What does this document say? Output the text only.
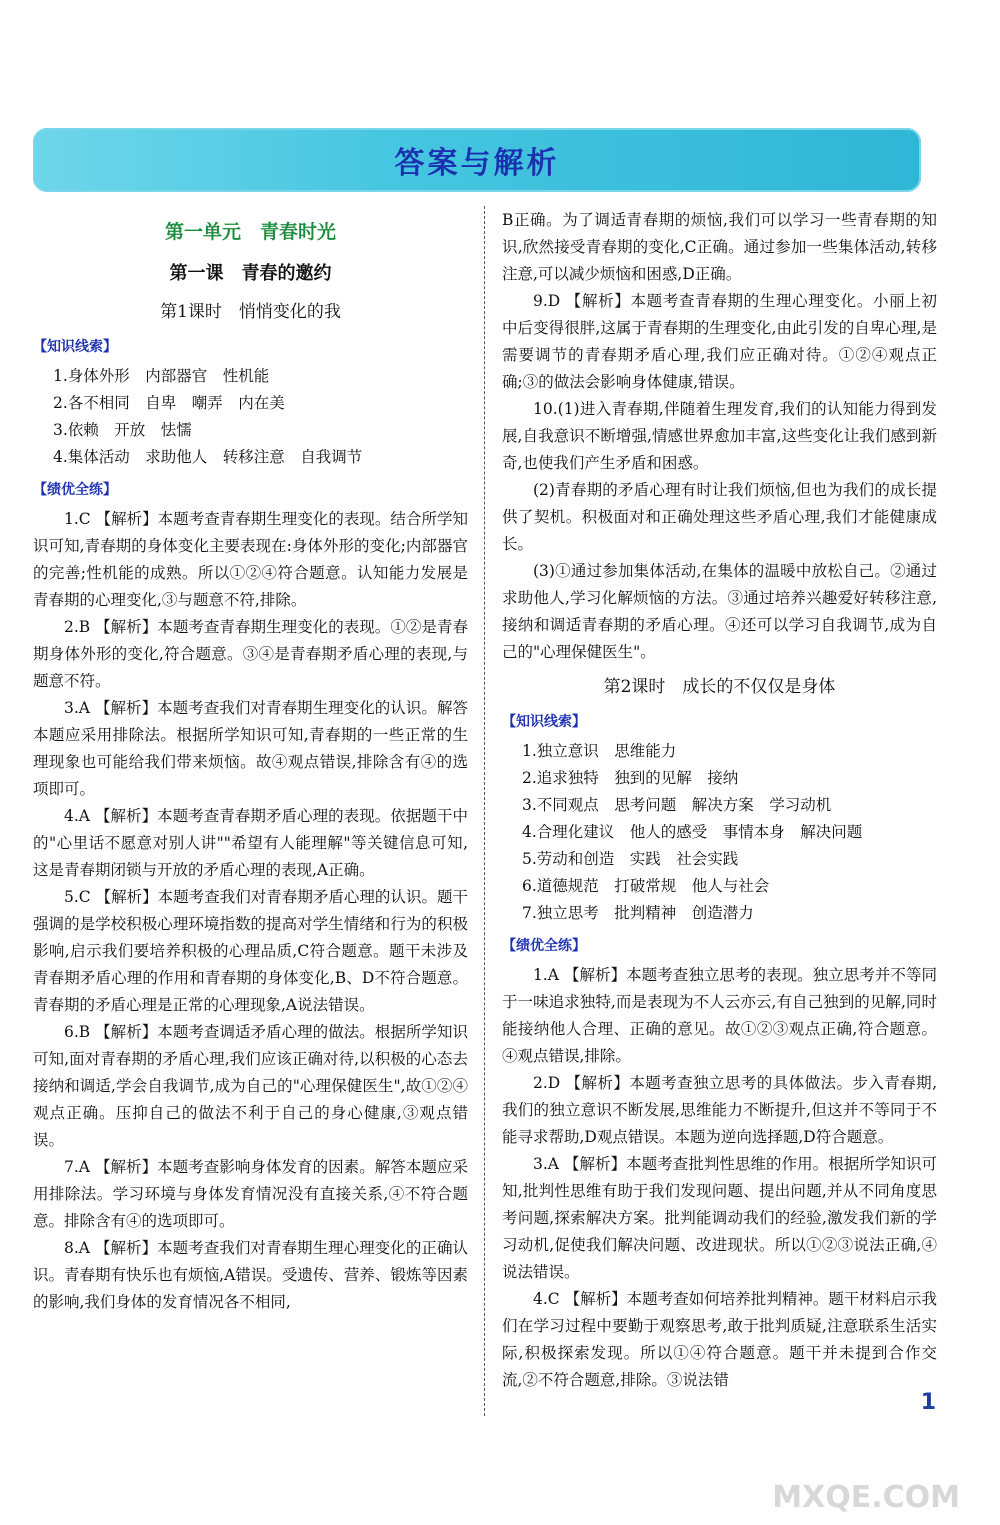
答案与解析
第一单元　青春时光
第一课　青春的邀约
第1课时　悄悄变化的我
【知识线索】
1.身体外形　内部器官　性机能
2.各不相同　自卑　嘲弄　内在美
3.依赖　开放　怯懦
4.集体活动　求助他人　转移注意　自我调节
【绩优全练】

1.C 【解析】本题考查青春期生理变化的表现。结合所学知识可知,青春期的身体变化主要表现在:身体外形的变化;内部器官的完善;性机能的成熟。所以①②④符合题意。认知能力发展是青春期的心理变化,③与题意不符,排除。

2.B 【解析】本题考查青春期生理变化的表现。①②是青春期身体外形的变化,符合题意。③④是青春期矛盾心理的表现,与题意不符。

3.A 【解析】本题考查我们对青春期生理变化的认识。解答本题应采用排除法。根据所学知识可知,青春期的一些正常的生理现象也可能给我们带来烦恼。故④观点错误,排除含有④的选项即可。

4.A 【解析】本题考查青春期矛盾心理的表现。依据题干中的"心里话不愿意对别人讲""希望有人能理解"等关键信息可知,这是青春期闭锁与开放的矛盾心理的表现,A正确。

5.C 【解析】本题考查我们对青春期矛盾心理的认识。题干强调的是学校积极心理环境指数的提高对学生情绪和行为的积极影响,启示我们要培养积极的心理品质,C符合题意。题干未涉及青春期矛盾心理的作用和青春期的身体变化,B、D不符合题意。青春期的矛盾心理是正常的心理现象,A说法错误。

6.B 【解析】本题考查调适矛盾心理的做法。根据所学知识可知,面对青春期的矛盾心理,我们应该正确对待,以积极的心态去接纳和调适,学会自我调节,成为自己的"心理保健医生",故①②④观点正确。压抑自己的做法不利于自己的身心健康,③观点错误。

7.A 【解析】本题考查影响身体发育的因素。解答本题应采用排除法。学习环境与身体发育情况没有直接关系,④不符合题意。排除含有④的选项即可。

8.A 【解析】本题考查我们对青春期生理心理变化的正确认识。青春期有快乐也有烦恼,A错误。受遗传、营养、锻炼等因素的影响,我们身体的发育情况各不相同,

B正确。为了调适青春期的烦恼,我们可以学习一些青春期的知识,欣然接受青春期的变化,C正确。通过参加一些集体活动,转移注意,可以减少烦恼和困惑,D正确。

9.D 【解析】本题考查青春期的生理心理变化。小丽上初中后变得很胖,这属于青春期的生理变化,由此引发的自卑心理,是需要调节的青春期矛盾心理,我们应正确对待。①②④观点正确;③的做法会影响身体健康,错误。

10.(1)进入青春期,伴随着生理发育,我们的认知能力得到发展,自我意识不断增强,情感世界愈加丰富,这些变化让我们感到新奇,也使我们产生矛盾和困惑。

(2)青春期的矛盾心理有时让我们烦恼,但也为我们的成长提供了契机。积极面对和正确处理这些矛盾心理,我们才能健康成长。

(3)①通过参加集体活动,在集体的温暖中放松自己。②通过求助他人,学习化解烦恼的方法。③通过培养兴趣爱好转移注意,接纳和调适青春期的矛盾心理。④还可以学习自我调节,成为自己的"心理保健医生"。

第2课时　成长的不仅仅是身体
【知识线索】
1.独立意识　思维能力
2.追求独特　独到的见解　接纳
3.不同观点　思考问题　解决方案　学习动机
4.合理化建议　他人的感受　事情本身　解决问题
5.劳动和创造　实践　社会实践
6.道德规范　打破常规　他人与社会
7.独立思考　批判精神　创造潜力
【绩优全练】

1.A 【解析】本题考查独立思考的表现。独立思考并不等同于一味追求独特,而是表现为不人云亦云,有自己独到的见解,同时能接纳他人合理、正确的意见。故①②③观点正确,符合题意。④观点错误,排除。

2.D 【解析】本题考查独立思考的具体做法。步入青春期,我们的独立意识不断发展,思维能力不断提升,但这并不等同于不能寻求帮助,D观点错误。本题为逆向选择题,D符合题意。

3.A 【解析】本题考查批判性思维的作用。根据所学知识可知,批判性思维有助于我们发现问题、提出问题,并从不同角度思考问题,探索解决方案。批判能调动我们的经验,激发我们新的学习动机,促使我们解决问题、改进现状。所以①②③说法正确,④说法错误。

4.C 【解析】本题考查如何培养批判精神。题干材料启示我们在学习过程中要勤于观察思考,敢于批判质疑,注意联系生活实际,积极探索发现。所以①④符合题意。题干并未提到合作交流,②不符合题意,排除。③说法错

1
MXQE.COM
